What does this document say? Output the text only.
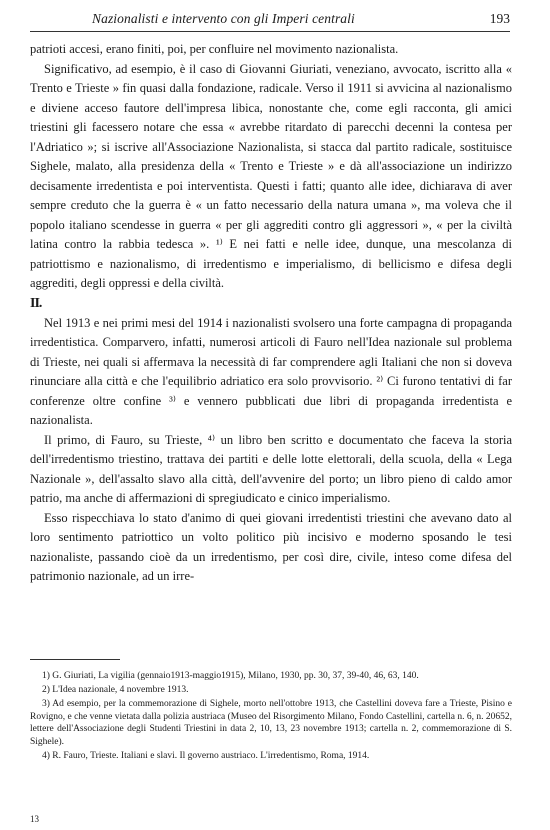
Nazionalisti e intervento con gli Imperi centrali	193

patrioti accesi, erano finiti, poi, per confluire nel movimento nazionalista.

Significativo, ad esempio, è il caso di Giovanni Giuriati, veneziano, avvocato, iscritto alla « Trento e Trieste » fin quasi dalla fondazione, radicale. Verso il 1911 si avvicina al nazionalismo e diviene acceso fautore dell'impresa libica, nonostante che, come egli racconta, gli amici triestini gli facessero notare che essa « avrebbe ritardato di parecchi decenni la contesa per l'Adriatico »; si iscrive all'Associazione Nazionalista, si stacca dal partito radicale, sostituisce Sighele, malato, alla presidenza della « Trento e Trieste » e dà all'associazione un indirizzo decisamente irredentista e poi interventista. Questi i fatti; quanto alle idee, dichiarava di aver sempre creduto che la guerra è « un fatto necessario della natura umana », ma voleva che il popolo italiano scendesse in guerra « per gli aggrediti contro gli aggressori », « per la civiltà latina contro la rabbia tedesca ». ¹⁾ E nei fatti e nelle idee, dunque, una mescolanza di patriottismo e nazionalismo, di irredentismo e imperialismo, di bellicismo e difesa degli aggrediti, degli oppressi e della civiltà.

II.

Nel 1913 e nei primi mesi del 1914 i nazionalisti svolsero una forte campagna di propaganda irredentistica. Comparvero, infatti, numerosi articoli di Fauro nell'Idea nazionale sul problema di Trieste, nei quali si affermava la necessità di far comprendere agli Italiani che non si doveva rinunciare alla città e che l'equilibrio adriatico era solo provvisorio. ²⁾ Ci furono tentativi di far conferenze oltre confine ³⁾ e vennero pubblicati due libri di propaganda irredentista e nazionalista.

Il primo, di Fauro, su Trieste, ⁴⁾ un libro ben scritto e documentato che faceva la storia dell'irredentismo triestino, trattava dei partiti e delle lotte elettorali, della scuola, della « Lega Nazionale », dell'assalto slavo alla città, dell'avvenire del porto; un libro pieno di caldo amor patrio, ma anche di affermazioni di spregiudicato e cinico imperialismo.

Esso rispecchiava lo stato d'animo di quei giovani irredentisti triestini che avevano dato al loro sentimento patriottico un volto politico più incisivo e moderno sposando le tesi nazionaliste, passando cioè da un irredentismo, per così dire, civile, inteso come difesa del patrimonio nazionale, ad un irre-

1) G. Giuriati, La vigilia (gennaio1913-maggio1915), Milano, 1930, pp. 30, 37, 39-40, 46, 63, 140.

2) L'Idea nazionale, 4 novembre 1913.

3) Ad esempio, per la commemorazione di Sighele, morto nell'ottobre 1913, che Castellini doveva fare a Trieste, Pisino e Rovigno, e che venne vietata dalla polizia austriaca (Museo del Risorgimento Milano, Fondo Castellini, cartella n. 6, n. 20652, lettere dell'Associazione degli Studenti Triestini in data 2, 10, 13, 23 novembre 1913; cartella n. 2, commemorazione di S. Sighele).

4) R. Fauro, Trieste. Italiani e slavi. Il governo austriaco. L'irredentismo, Roma, 1914.

13
